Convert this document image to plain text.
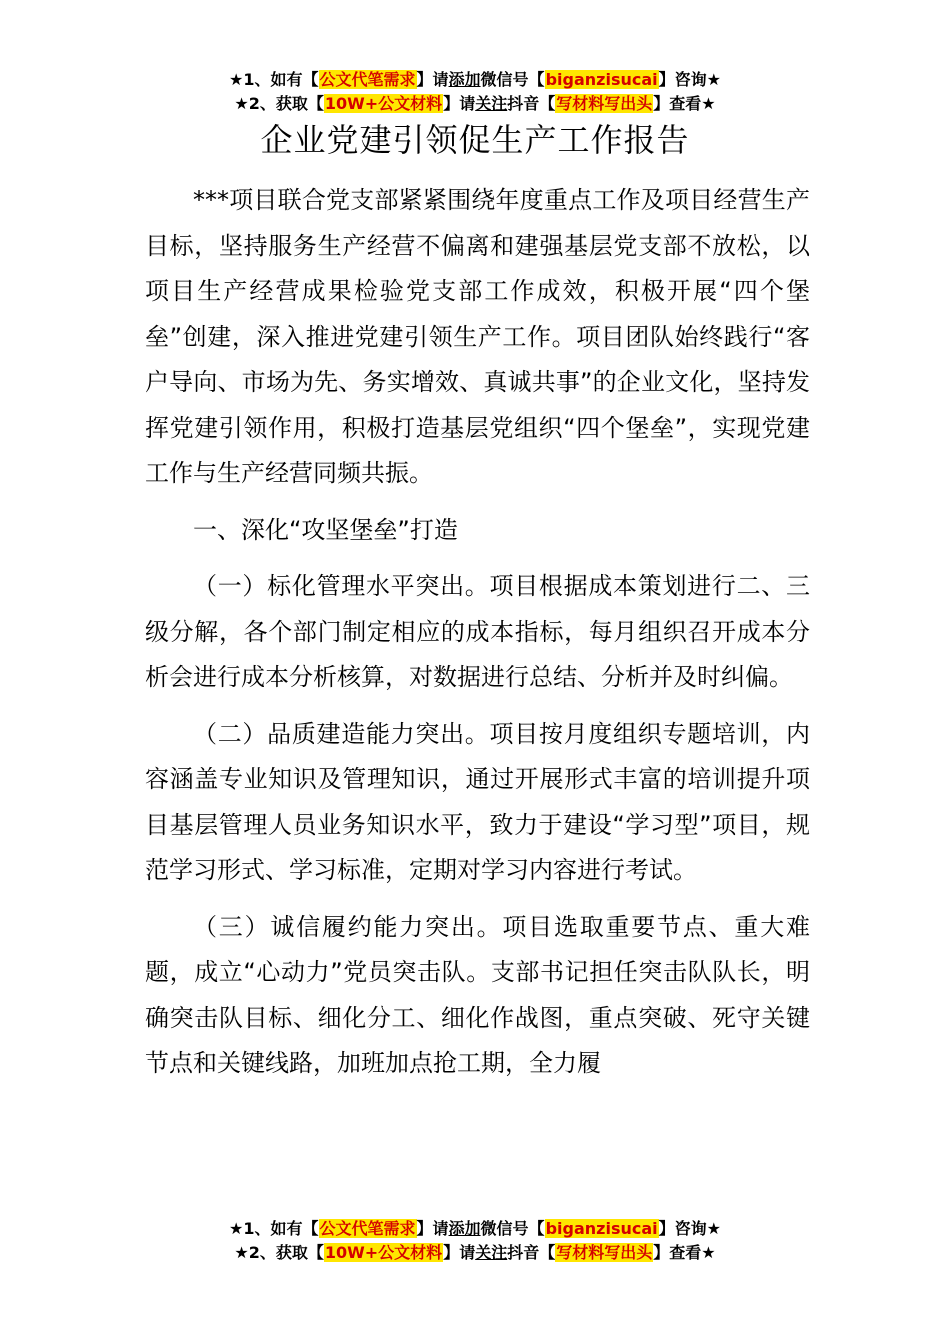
★1、如有【公文代笔需求】请添加微信号【biganzisucai】咨询★
★2、获取【10W+公文材料】请关注抖音【写材料写出头】查看★
企业党建引领促生产工作报告

***项目联合党支部紧紧围绕年度重点工作及项目经营生产目标，坚持服务生产经营不偏离和建强基层党支部不放松，以项目生产经营成果检验党支部工作成效，积极开展“四个堡垒”创建，深入推进党建引领生产工作。项目团队始终践行“客户导向、市场为先、务实增效、真诚共事”的企业文化，坚持发挥党建引领作用，积极打造基层党组织“四个堡垒”，实现党建工作与生产经营同频共振。

一、深化“攻坚堡垒”打造

（一）标化管理水平突出。项目根据成本策划进行二、三级分解，各个部门制定相应的成本指标，每月组织召开成本分析会进行成本分析核算，对数据进行总结、分析并及时纠偏。

（二）品质建造能力突出。项目按月度组织专题培训，内容涵盖专业知识及管理知识，通过开展形式丰富的培训提升项目基层管理人员业务知识水平，致力于建设“学习型”项目，规范学习形式、学习标准，定期对学习内容进行考试。

（三）诚信履约能力突出。项目选取重要节点、重大难题，成立“心动力”党员突击队。支部书记担任突击队队长，明确突击队目标、细化分工、细化作战图，重点突破、死守关键节点和关键线路，加班加点抢工期，全力履

★1、如有【公文代笔需求】请添加微信号【biganzisucai】咨询★
★2、获取【10W+公文材料】请关注抖音【写材料写出头】查看★
